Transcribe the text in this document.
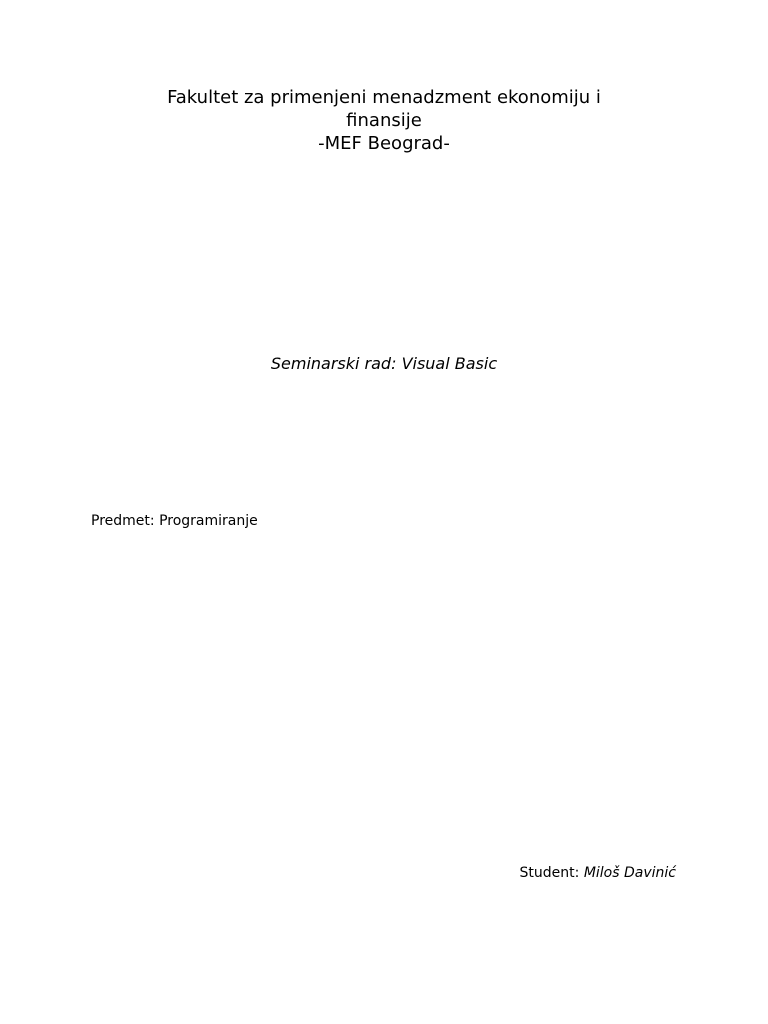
Fakultet za primenjeni menadzment ekonomiju i
finansije
-MEF Beograd-
Seminarski rad: Visual Basic
Predmet: Programiranje
Student: Miloš Davinić
